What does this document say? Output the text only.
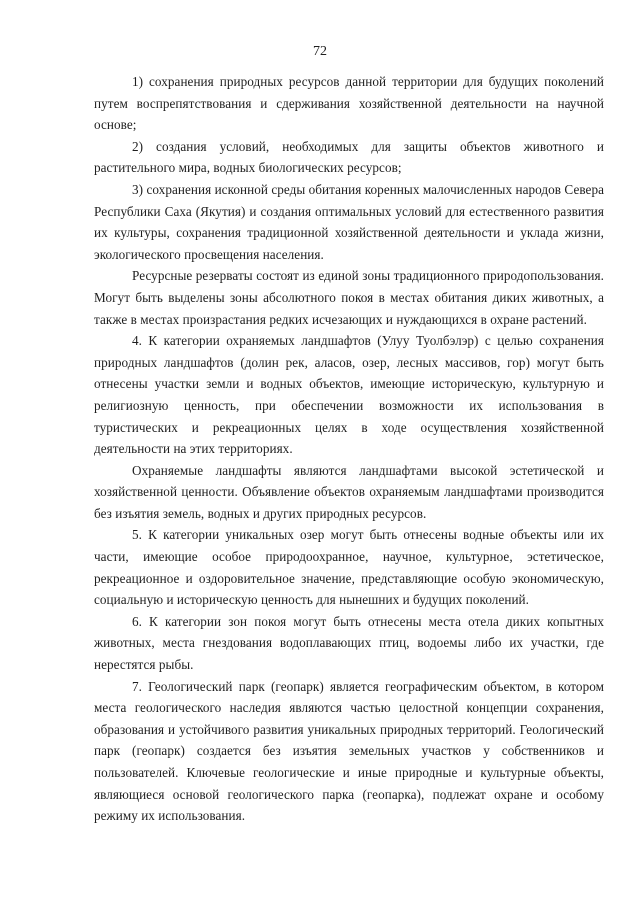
72

1) сохранения природных ресурсов данной территории для будущих поколений путем воспрепятствования и сдерживания хозяйственной деятельности на научной основе;

2) создания условий, необходимых для защиты объектов животного и растительного мира, водных биологических ресурсов;

3) сохранения исконной среды обитания коренных малочисленных народов Севера Республики Саха (Якутия) и создания оптимальных условий для естественного развития их культуры, сохранения традиционной хозяйственной деятельности и уклада жизни, экологического просвещения населения.

Ресурсные резерваты состоят из единой зоны традиционного природопользования. Могут быть выделены зоны абсолютного покоя в местах обитания диких животных, а также в местах произрастания редких исчезающих и нуждающихся в охране растений.

4. К категории охраняемых ландшафтов (Улуу Туолбэлэр) с целью сохранения природных ландшафтов (долин рек, аласов, озер, лесных массивов, гор) могут быть отнесены участки земли и водных объектов, имеющие историческую, культурную и религиозную ценность, при обеспечении возможности их использования в туристических и рекреационных целях в ходе осуществления хозяйственной деятельности на этих территориях.

Охраняемые ландшафты являются ландшафтами высокой эстетической и хозяйственной ценности. Объявление объектов охраняемым ландшафтами производится без изъятия земель, водных и других природных ресурсов.

5. К категории уникальных озер могут быть отнесены водные объекты или их части, имеющие особое природоохранное, научное, культурное, эстетическое, рекреационное и оздоровительное значение, представляющие особую экономическую, социальную и историческую ценность для нынешних и будущих поколений.

6. К категории зон покоя могут быть отнесены места отела диких копытных животных, места гнездования водоплавающих птиц, водоемы либо их участки, где нерестятся рыбы.

7. Геологический парк (геопарк) является географическим объектом, в котором места геологического наследия являются частью целостной концепции сохранения, образования и устойчивого развития уникальных природных территорий. Геологический парк (геопарк) создается без изъятия земельных участков у собственников и пользователей. Ключевые геологические и иные природные и культурные объекты, являющиеся основой геологического парка (геопарка), подлежат охране и особому режиму их использования.
